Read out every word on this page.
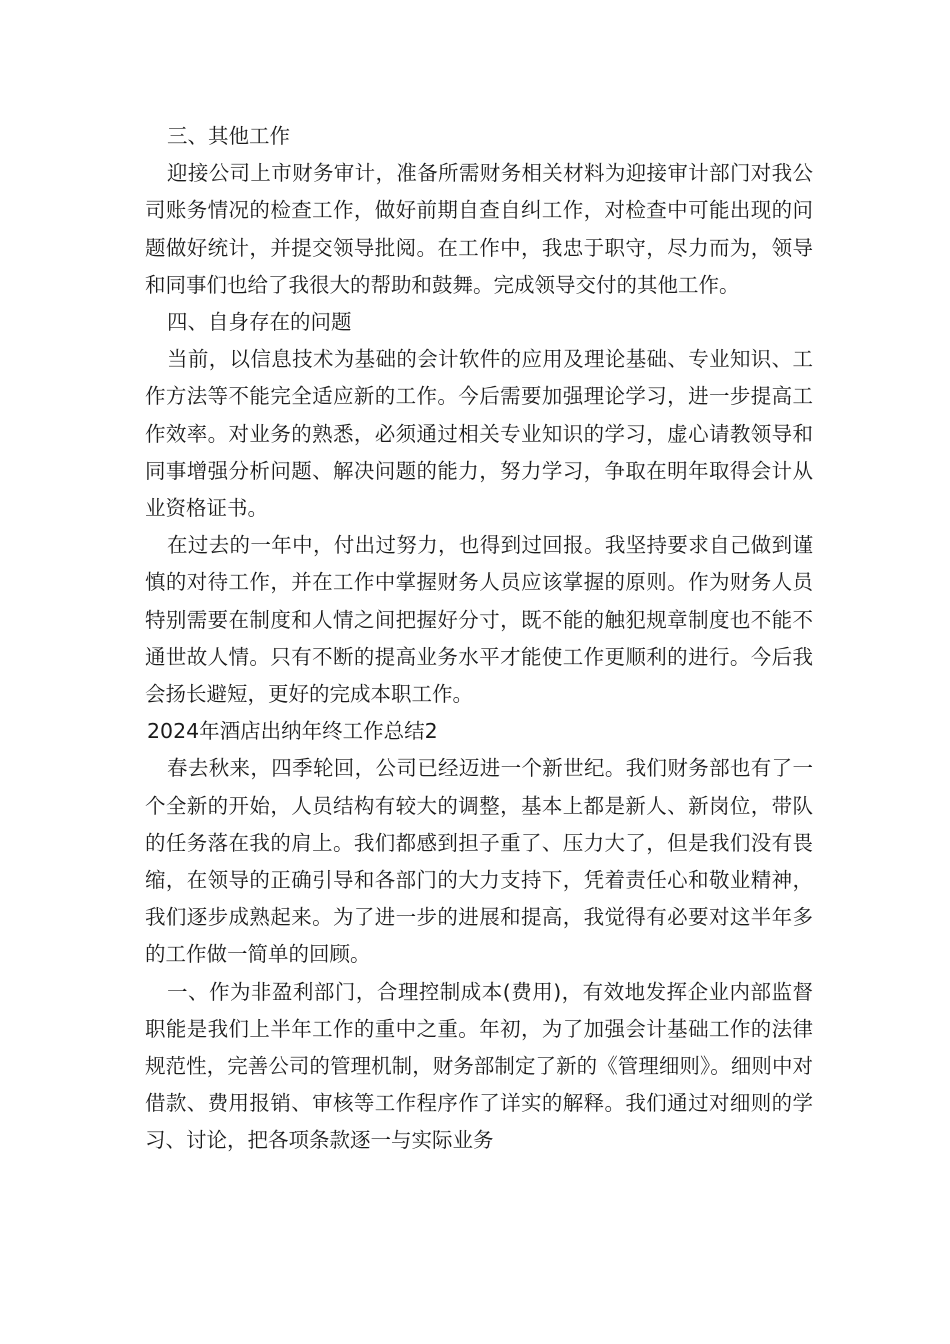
三、其他工作

迎接公司上市财务审计，准备所需财务相关材料为迎接审计部门对我公司账务情况的检查工作，做好前期自查自纠工作，对检查中可能出现的问题做好统计，并提交领导批阅。在工作中，我忠于职守，尽力而为，领导和同事们也给了我很大的帮助和鼓舞。完成领导交付的其他工作。

四、自身存在的问题

当前，以信息技术为基础的会计软件的应用及理论基础、专业知识、工作方法等不能完全适应新的工作。今后需要加强理论学习，进一步提高工作效率。对业务的熟悉，必须通过相关专业知识的学习，虚心请教领导和同事增强分析问题、解决问题的能力，努力学习，争取在明年取得会计从业资格证书。

在过去的一年中，付出过努力，也得到过回报。我坚持要求自己做到谨慎的对待工作，并在工作中掌握财务人员应该掌握的原则。作为财务人员特别需要在制度和人情之间把握好分寸，既不能的触犯规章制度也不能不通世故人情。只有不断的提高业务水平才能使工作更顺利的进行。今后我会扬长避短，更好的完成本职工作。

2024年酒店出纳年终工作总结2

春去秋来，四季轮回，公司已经迈进一个新世纪。我们财务部也有了一个全新的开始，人员结构有较大的调整，基本上都是新人、新岗位，带队的任务落在我的肩上。我们都感到担子重了、压力大了，但是我们没有畏缩，在领导的正确引导和各部门的大力支持下，凭着责任心和敬业精神，我们逐步成熟起来。为了进一步的进展和提高，我觉得有必要对这半年多的工作做一简单的回顾。

一、作为非盈利部门，合理控制成本(费用)，有效地发挥企业内部监督职能是我们上半年工作的重中之重。年初，为了加强会计基础工作的法律规范性，完善公司的管理机制，财务部制定了新的《管理细则》。细则中对借款、费用报销、审核等工作程序作了详实的解释。我们通过对细则的学习、讨论，把各项条款逐一与实际业务
